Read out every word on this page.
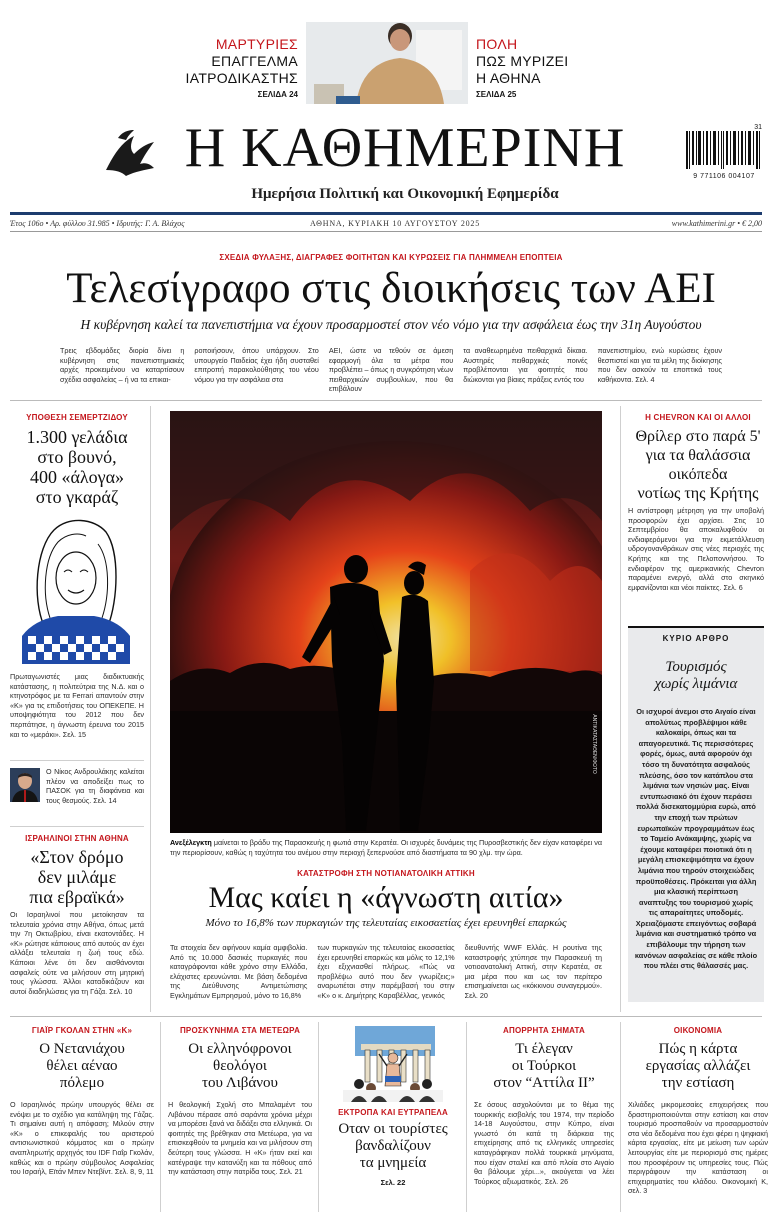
ΜΑΡΤΥΡΙΕΣ
ΕΠΑΓΓΕΛΜΑ
ΙΑΤΡΟΔΙΚΑΣΤΗΣ
ΣΕΛΙΔΑ 24
ΠΟΛΗ
ΠΩΣ ΜΥΡΙΖΕΙ
Η ΑΘΗΝΑ
ΣΕΛΙΔΑ 25
Η ΚΑΘΗΜΕΡΙΝΗ
Ημερήσια Πολιτική και Οικονομική Εφημερίδα
31
9 771106 004107
Έτος 106ο • Αρ. φύλλου 31.985 • Ιδρυτής: Γ. Α. Βλάχος	ΑΘΗΝΑ, ΚΥΡΙΑΚΗ 10 ΑΥΓΟΥΣΤΟΥ 2025	www.kathimerini.gr • € 2,00
ΣΧΕΔΙΑ ΦΥΛΑΞΗΣ, ΔΙΑΓΡΑΦΕΣ ΦΟΙΤΗΤΩΝ ΚΑΙ ΚΥΡΩΣΕΙΣ ΓΙΑ ΠΛΗΜΜΕΛΗ ΕΠΟΠΤΕΙΑ
Τελεσίγραφο στις διοικήσεις των ΑΕΙ
Η κυβέρνηση καλεί τα πανεπιστήμια να έχουν προσαρμοστεί στον νέο νόμο για την ασφάλεια έως την 31η Αυγούστου
Τρεις εβδομάδες διορία δίνει η κυβέρνηση στις πανεπιστημιακές αρχές προκειμένου να καταρτίσουν σχέδια ασφαλείας – ή να τα επικαι-
ροποιήσουν, όπου υπάρχουν. Στο υπουργείο Παιδείας έχει ήδη συσταθεί επιτροπή παρακολούθησης του νέου νόμου για την ασφάλεια στα
ΑΕΙ, ώστε να τεθούν σε άμεση εφαρμογή όλα τα μέτρα που προβλέπει – όπως η συγκρότηση νέων πειθαρχικών συμβουλίων, που θα επιβάλουν
τα αναθεωρημένα πειθαρχικά δίκαια. Αυστηρές πειθαρχικές ποινές προβλέπονται για φοιτητές που διώκονται για βίαιες πράξεις εντός του
πανεπιστημίου, ενώ κυρώσεις έχουν θεσπιστεί και για τα μέλη της διοίκησης που δεν ασκούν τα εποπτικά τους καθήκοντα. Σελ. 4
ΥΠΟΘΕΣΗ ΣΕΜΕΡΤΖΙΔΟΥ
1.300 γελάδια
στο βουνό,
400 «άλογα»
στο γκαράζ
Πρωταγωνιστές μιας διαδικτυακής κατάστασης, η πολιτεύτρια της Ν.Δ. και ο κτηνοτρόφος με τα Ferrari απαντούν στην «Κ» για τις επιδοτήσεις του ΟΠΕΚΕΠΕ. Η υποψηφιότητα του 2012 που δεν περπάτησε, η άγνωστη έρευνα του 2015 και το «μεράκι». Σελ. 15
Ο Νίκος Ανδρουλάκης καλείται πλέον να αποδείξει πως το ΠΑΣΟΚ για τη διαφάνεια και τους θεσμούς. Σελ. 14
ΙΣΡΑΗΛΙΝΟΙ ΣΤΗΝ ΑΘΗΝΑ
«Στον δρόμο
δεν μιλάμε
πια εβραϊκά»
Οι Ισραηλινοί που μετοίκησαν τα τελευταία χρόνια στην Αθήνα, όπως μετά την 7η Οκτωβρίου, είναι εκατοντάδες. Η «Κ» ρώτησε κάποιους από αυτούς αν έχει αλλάξει τελευταία η ζωή τους εδώ. Κάποιοι λένε ότι δεν αισθάνονται ασφαλείς ούτε να μιλήσουν στη μητρική τους γλώσσα. Άλλοι καταδικάζουν και αυτοί διαδηλώσεις για τη Γάζα. Σελ. 10
ΑΝΤΙΚΑΤΑΣΤΑΘΕΝ/ΦΩΤΟ
Ανεξέλεγκτη μαίνεται το βράδυ της Παρασκευής η φωτιά στην Κερατέα. Οι ισχυρές δυνάμεις της Πυροσβεστικής δεν είχαν καταφέρει να την περιορίσουν, καθώς η ταχύτητα του ανέμου στην περιοχή ξεπερνούσε από διαστήματα τα 90 χλμ. την ώρα.
ΚΑΤΑΣΤΡΟΦΗ ΣΤΗ ΝΟΤΙΑΝΑΤΟΛΙΚΗ ΑΤΤΙΚΗ
Μας καίει η «άγνωστη αιτία»
Μόνο το 16,8% των πυρκαγιών της τελευταίας εικοσαετίας έχει ερευνηθεί επαρκώς
Τα στοιχεία δεν αφήνουν καμία αμφιβολία. Από τις 10.000 δασικές πυρκαγιές που καταγράφονται κάθε χρόνο στην Ελλάδα, ελάχιστες ερευνώνται. Με βάση δεδομένα της Διεύθυνσης Αντιμετώπισης Εγκλημάτων Εμπρησμού, μόνο το 16,8%
των πυρκαγιών της τελευταίας εικοσαετίας έχει ερευνηθεί επαρκώς και μόλις το 12,1% έχει εξιχνιασθεί πλήρως. «Πώς να προβλέψω αυτό που δεν γνωρίζεις;» αναρωτιέται στην παρέμβασή του στην «Κ» ο κ. Δημήτρης Καραβέλλας, γενικός
διευθυντής WWF Ελλάς. Η ρουτίνα της καταστροφής χτύπησε την Παρασκευή τη νοτιοανατολική Αττική, στην Κερατέα, σε μια μέρα που και ως τον περίτερο επισημαίνεται ως «κόκκινου συναγερμού». Σελ. 20
Η CHEVRON ΚΑΙ ΟΙ ΑΛΛΟΙ
Θρίλερ στο παρά 5'
για τα θαλάσσια
οικόπεδα
νοτίως της Κρήτης
Η αντίστροφη μέτρηση για την υποβολή προσφορών έχει αρχίσει. Στις 10 Σεπτεμβρίου θα αποκαλυφθούν οι ενδιαφερόμενοι για την εκμετάλλευση υδρογονανθράκων στις νέες περιοχές της Κρήτης και της Πελοποννήσου. Το ενδιαφέρον της αμερικανικής Chevron παραμένει ενεργό, αλλά στο σκηνικό εμφανίζονται και νέοι παίκτες. Σελ. 6
ΚΥΡΙΟ ΑΡΘΡΟ
Τουρισμός
χωρίς λιμάνια
Οι ισχυροί άνεμοι στο Αιγαίο είναι απολύτως προβλέψιμοι κάθε καλοκαίρι, όπως και τα απαγορευτικά. Τις περισσότερες φορές, όμως, αυτά αφορούν όχι τόσο τη δυνατότητα ασφαλούς πλεύσης, όσο τον κατάπλου στα λιμάνια των νησιών μας. Είναι εντυπωσιακό ότι έχουν περάσει πολλά δισεκατομμύρια ευρώ, από την εποχή των πρώτων ευρωπαϊκών προγραμμάτων έως το Ταμείο Ανάκαμψης, χωρίς να έχουμε καταφέρει ποιοτικά ότι η μεγάλη επισκεψιμότητα να έχουν λιμάνια που τηρούν στοιχειώδεις προϋποθέσεις. Πρόκειται για άλλη μια κλασική περίπτωση αναπτυξης του τουρισμού χωρίς τις απαραίτητες υποδομές. Χρειαζόμαστε επειγόντως σοβαρά λιμάνια και συστηματικό τρόπο να επιβάλουμε την τήρηση των κανόνων ασφαλείας σε κάθε πλοίο που πλέει στις θάλασσές μας.
ΓΙΑΪΡ ΓΚΟΛΑΝ ΣΤΗΝ «Κ»
Ο Νετανιάχου
θέλει αέναο
πόλεμο
Ο Ισραηλινός πρώην υπουργός θέλει σε ενόψει με το σχέδιο για κατάληψη της Γάζας. Τι σημαίνει αυτή η απόφαση; Μιλούν στην «Κ» ο επικεφαλής του αριστερού αντισιωνιστικού κόμματος και ο πρώην αναπληρωτής αρχηγός του IDF Γιαΐρ Γκολάν, καθώς και ο πρώην σύμβουλος Ασφαλείας του Ισραήλ, Εϊτάν Μπεν Ντεβίντ. Σελ. 8, 9, 11
ΠΡΟΣΚΥΝΗΜΑ ΣΤΑ ΜΕΤΕΩΡΑ
Οι ελληνόφρονοι
θεολόγοι
του Λιβάνου
Η θεολογική Σχολή στο Μπαλαμέντ του Λιβάνου πέρασε από σαράντα χρόνια μέχρι να μπορέσει ξανά να διδάξει στα ελληνικά. Οι φοιτητές της βρέθηκαν στα Μετέωρα, για να επισκεφθούν τα μνημεία και να μιλήσουν στη δεύτερη τους γλώσσα. Η «Κ» ήταν εκεί και κατέγραψε την κατανύξη και τα πόθους από την κατάσταση στην πατρίδα τους. Σελ. 21
ΕΚΤΡΟΠΑ ΚΑΙ ΕΥΤΡΑΠΕΛΑ
Οταν οι τουρίστες
βανδαλίζουν
τα μνημεία
Σελ. 22
ΑΠΟΡΡΗΤΑ ΣΗΜΑΤΑ
Τι έλεγαν
οι Τούρκοι
στον “Αττίλα ΙΙ”
Σε όσους ασχολούνται με το θέμα της τουρκικής εισβολής του 1974, την περίοδο 14-18 Αυγούστου, στην Κύπρο, είναι γνωστό ότι κατά τη διάρκεια της επιχείρησης από τις ελληνικές υπηρεσίες καταγράφηκαν πολλά τουρκικά μηνύματα, που είχαν σταλεί και από πλοία στο Αιγαίο θα βάλουμε χέρι...», ακούγεται να λέει Τούρκος αξιωματικός. Σελ. 26
ΟΙΚΟΝΟΜΙΑ
Πώς η κάρτα
εργασίας αλλάζει
την εστίαση
Χιλιάδες μικρομεσαίες επιχειρήσεις που δραστηριοποιούνται στην εστίαση και στον τουρισμό προσπαθούν να προσαρμοστούν στα νέα δεδομένα που έχει φέρει η ψηφιακή κάρτα εργασίας, είτε με μείωση των ωρών λειτουργίας είτε με περιορισμό στις ημέρες που προσφέρουν τις υπηρεσίες τους. Πώς περιγράφουν την κατάσταση οι επιχειρηματίες του κλάδου. Οικονομική Κ, σελ. 3
